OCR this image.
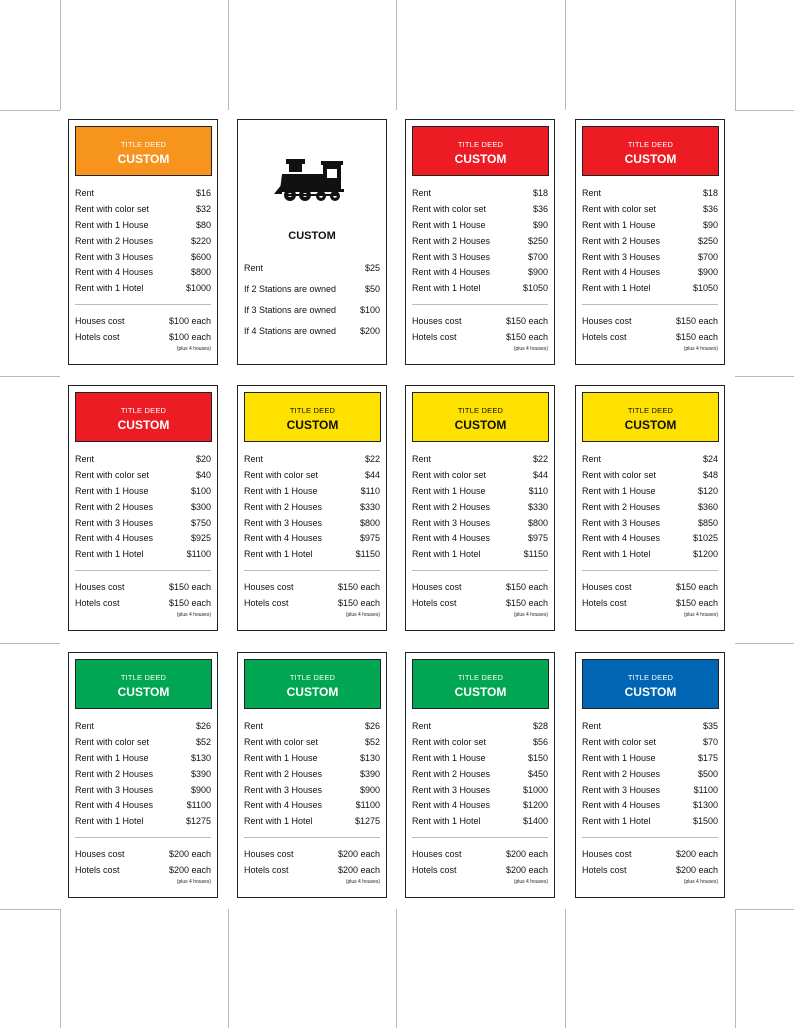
TITLE DEED
CUSTOM
Rent	$16
Rent with color set	$32
Rent with 1 House	$80
Rent with 2 Houses	$220
Rent with 3 Houses	$600
Rent with 4 Houses	$800
Rent with 1 Hotel	$1000
Houses cost	$100 each
Hotels cost	$100 each
(plus 4 houses)
CUSTOM
Rent	$25
If 2 Stations are owned	$50
If 3 Stations are owned	$100
If 4 Stations are owned	$200
TITLE DEED
CUSTOM
Rent	$18
Rent with color set	$36
Rent with 1 House	$90
Rent with 2 Houses	$250
Rent with 3 Houses	$700
Rent with 4 Houses	$900
Rent with 1 Hotel	$1050
Houses cost	$150 each
Hotels cost	$150 each
(plus 4 houses)
TITLE DEED
CUSTOM
Rent	$18
Rent with color set	$36
Rent with 1 House	$90
Rent with 2 Houses	$250
Rent with 3 Houses	$700
Rent with 4 Houses	$900
Rent with 1 Hotel	$1050
Houses cost	$150 each
Hotels cost	$150 each
(plus 4 houses)
TITLE DEED
CUSTOM
Rent	$20
Rent with color set	$40
Rent with 1 House	$100
Rent with 2 Houses	$300
Rent with 3 Houses	$750
Rent with 4 Houses	$925
Rent with 1 Hotel	$1100
Houses cost	$150 each
Hotels cost	$150 each
(plus 4 houses)
TITLE DEED
CUSTOM
Rent	$22
Rent with color set	$44
Rent with 1 House	$110
Rent with 2 Houses	$330
Rent with 3 Houses	$800
Rent with 4 Houses	$975
Rent with 1 Hotel	$1150
Houses cost	$150 each
Hotels cost	$150 each
(plus 4 houses)
TITLE DEED
CUSTOM
Rent	$22
Rent with color set	$44
Rent with 1 House	$110
Rent with 2 Houses	$330
Rent with 3 Houses	$800
Rent with 4 Houses	$975
Rent with 1 Hotel	$1150
Houses cost	$150 each
Hotels cost	$150 each
(plus 4 houses)
TITLE DEED
CUSTOM
Rent	$24
Rent with color set	$48
Rent with 1 House	$120
Rent with 2 Houses	$360
Rent with 3 Houses	$850
Rent with 4 Houses	$1025
Rent with 1 Hotel	$1200
Houses cost	$150 each
Hotels cost	$150 each
(plus 4 houses)
TITLE DEED
CUSTOM
Rent	$26
Rent with color set	$52
Rent with 1 House	$130
Rent with 2 Houses	$390
Rent with 3 Houses	$900
Rent with 4 Houses	$1100
Rent with 1 Hotel	$1275
Houses cost	$200 each
Hotels cost	$200 each
(plus 4 houses)
TITLE DEED
CUSTOM
Rent	$26
Rent with color set	$52
Rent with 1 House	$130
Rent with 2 Houses	$390
Rent with 3 Houses	$900
Rent with 4 Houses	$1100
Rent with 1 Hotel	$1275
Houses cost	$200 each
Hotels cost	$200 each
(plus 4 houses)
TITLE DEED
CUSTOM
Rent	$28
Rent with color set	$56
Rent with 1 House	$150
Rent with 2 Houses	$450
Rent with 3 Houses	$1000
Rent with 4 Houses	$1200
Rent with 1 Hotel	$1400
Houses cost	$200 each
Hotels cost	$200 each
(plus 4 houses)
TITLE DEED
CUSTOM
Rent	$35
Rent with color set	$70
Rent with 1 House	$175
Rent with 2 Houses	$500
Rent with 3 Houses	$1100
Rent with 4 Houses	$1300
Rent with 1 Hotel	$1500
Houses cost	$200 each
Hotels cost	$200 each
(plus 4 houses)
